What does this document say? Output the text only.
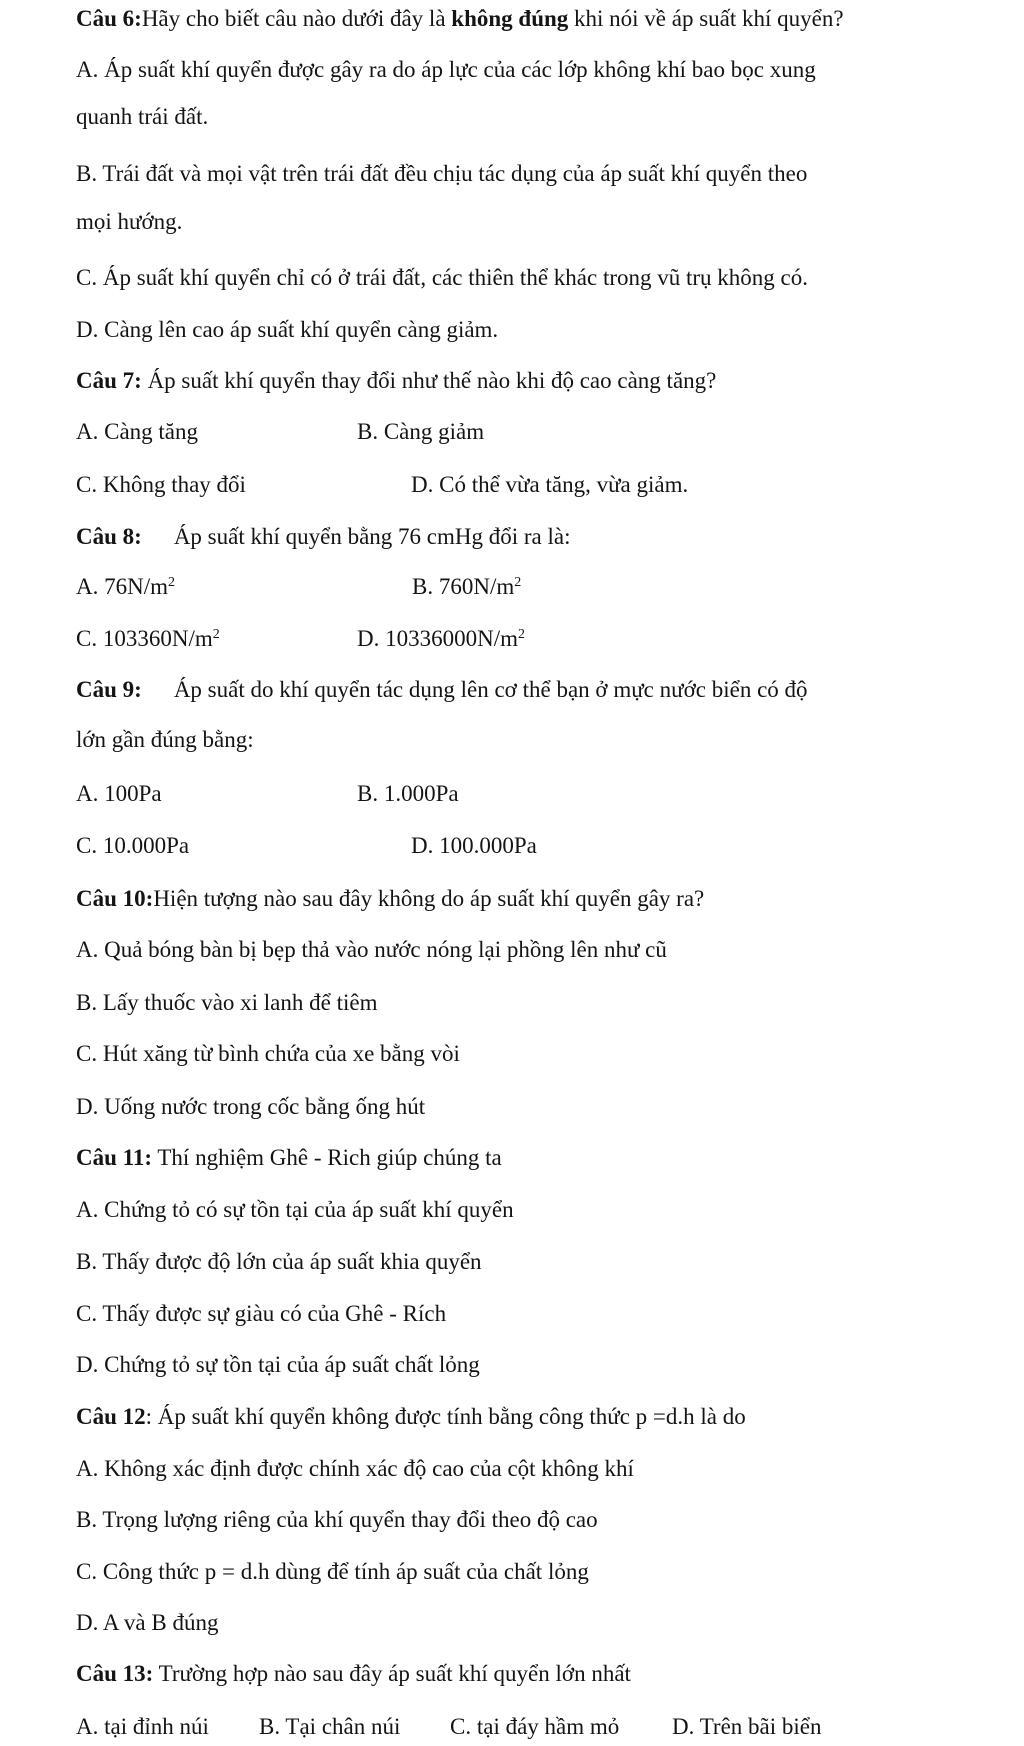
Câu 6:Hãy cho biết câu nào dưới đây là không đúng khi nói về áp suất khí quyển?
A. Áp suất khí quyển được gây ra do áp lực của các lớp không khí bao bọc xung
quanh trái đất.
B. Trái đất và mọi vật trên trái đất đều chịu tác dụng của áp suất khí quyển theo
mọi hướng.
C. Áp suất khí quyển chỉ có ở trái đất, các thiên thể khác trong vũ trụ không có.
D. Càng lên cao áp suất khí quyển càng giảm.
Câu 7: Áp suất khí quyển thay đổi như thế nào khi độ cao càng tăng?
A. Càng tăng	B. Càng giảm
C. Không thay đổi	D. Có thể vừa tăng, vừa giảm.
Câu 8: Áp suất khí quyển bằng 76 cmHg đổi ra là:
A. $76N/m^2$	B. $760N/m^2$
C. $103360N/m^2$	D. $10336000N/m^2$
Câu 9: Áp suất do khí quyển tác dụng lên cơ thể bạn ở mực nước biển có độ
lớn gần đúng bằng:
A. 100Pa	B. 1.000Pa
C. 10.000Pa	D. 100.000Pa
Câu 10:Hiện tượng nào sau đây không do áp suất khí quyển gây ra?
A. Quả bóng bàn bị bẹp thả vào nước nóng lại phồng lên như cũ
B. Lấy thuốc vào xi lanh để tiêm
C. Hút xăng từ bình chứa của xe bằng vòi
D. Uống nước trong cốc bằng ống hút
Câu 11: Thí nghiệm Ghê - Rich giúp chúng ta
A. Chứng tỏ có sự tồn tại của áp suất khí quyển
B. Thấy được độ lớn của áp suất khia quyển
C. Thấy được sự giàu có của Ghê - Rích
D. Chứng tỏ sự tồn tại của áp suất chất lỏng
Câu 12: Áp suất khí quyển không được tính bằng công thức p =d.h là do
A. Không xác định được chính xác độ cao của cột không khí
B. Trọng lượng riêng của khí quyển thay đổi theo độ cao
C. Công thức p = d.h dùng để tính áp suất của chất lỏng
D. A và B đúng
Câu 13: Trường hợp nào sau đây áp suất khí quyển lớn nhất
A. tại đỉnh núi B. Tại chân núi C. tại đáy hầm mỏ D. Trên bãi biển
